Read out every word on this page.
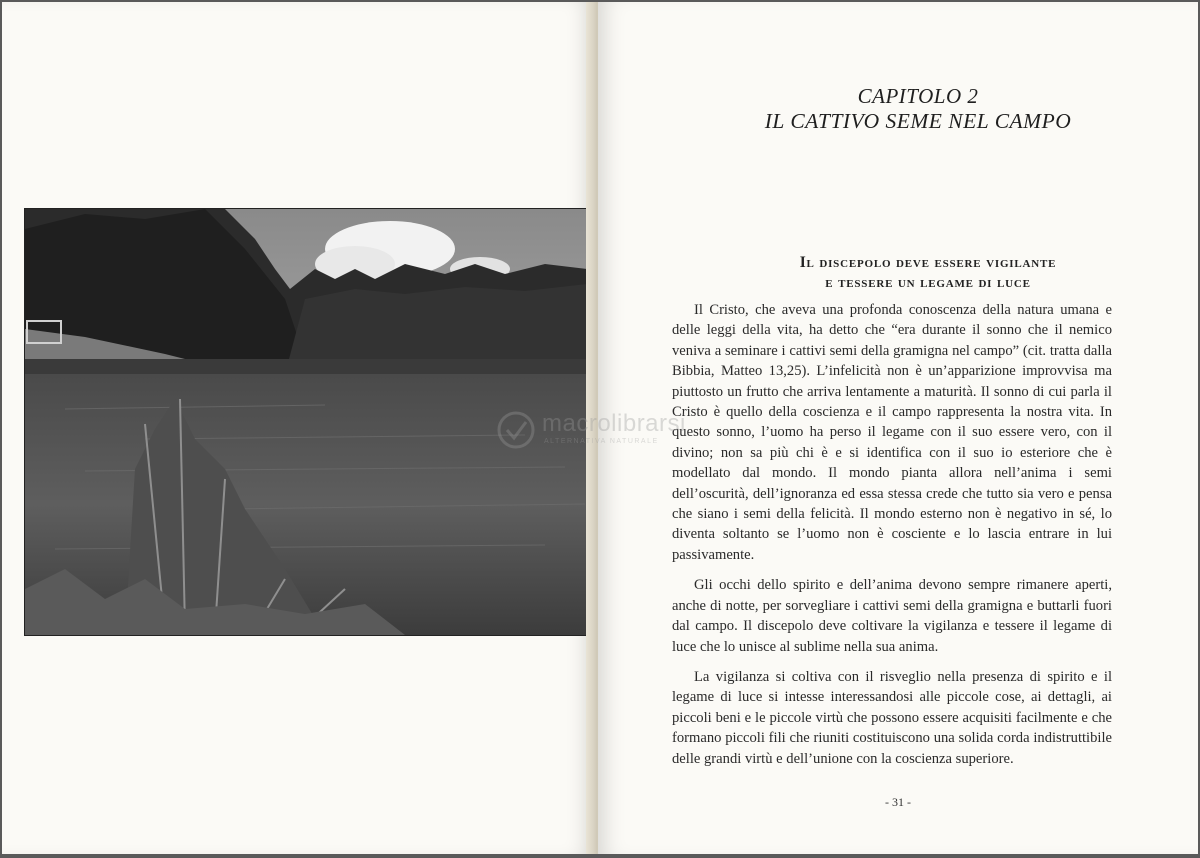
CAPITOLO 2
IL CATTIVO SEME NEL CAMPO
Il discepolo deve essere vigilante
e tessere un legame di luce

Il Cristo, che aveva una profonda conoscenza della natura umana e delle leggi della vita, ha detto che “era durante il sonno che il nemico veniva a seminare i cattivi semi della gramigna nel campo” (cit. tratta dalla Bibbia, Matteo 13,25). L’infelicità non è un’apparizione improvvisa ma piuttosto un frutto che arriva lentamente a maturità. Il sonno di cui parla il Cristo è quello della coscienza e il campo rappresenta la nostra vita. In questo sonno, l’uomo ha perso il legame con il suo essere vero, con il divino; non sa più chi è e si identifica con il suo io esteriore che è modellato dal mondo. Il mondo pianta allora nell’anima i semi dell’oscurità, dell’ignoranza ed essa stessa crede che tutto sia vero e pensa che siano i semi della felicità. Il mondo esterno non è negativo in sé, lo diventa soltanto se l’uomo non è cosciente e lo lascia entrare in lui passivamente.

Gli occhi dello spirito e dell’anima devono sempre rimanere aperti, anche di notte, per sorvegliare i cattivi semi della gramigna e buttarli fuori dal campo. Il discepolo deve coltivare la vigilanza e tessere il legame di luce che lo unisce al sublime nella sua anima.

La vigilanza si coltiva con il risveglio nella presenza di spirito e il legame di luce si intesse interessandosi alle piccole cose, ai dettagli, ai piccoli beni e le piccole virtù che possono essere acquisiti facilmente e che formano piccoli fili che riuniti costituiscono una solida corda indistruttibile delle grandi virtù e dell’unione con la coscienza superiore.

- 31 -
macrolibrarsi
ALTERNATIVA NATURALE
